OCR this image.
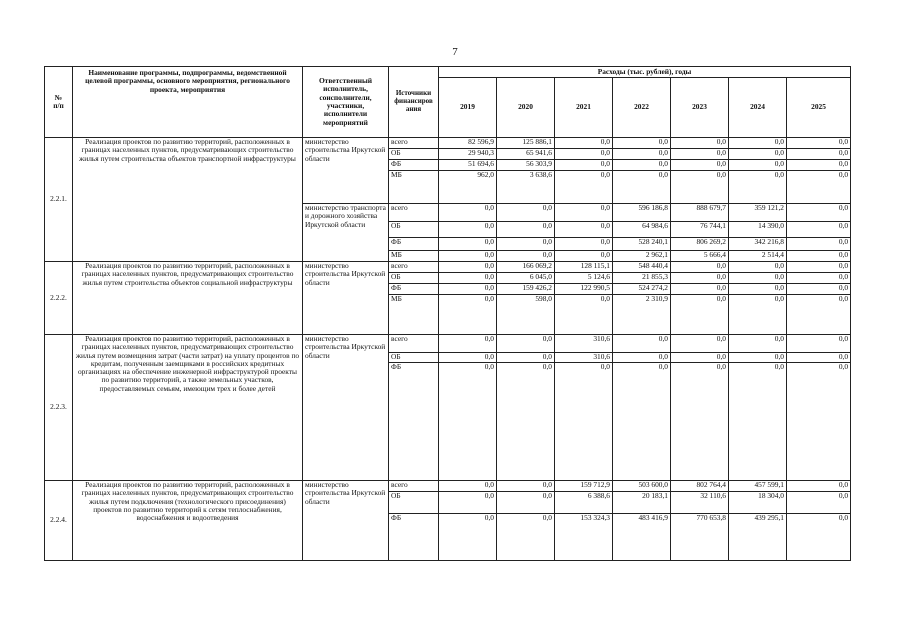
7
№
п/п	Наименование программы, подпрограммы, ведомственной целевой программы, основного мероприятия, регионального проекта, мероприятия	Ответственный исполнитель, соисполнители, участники, исполнители мероприятий	Источники финансиров ания	Расходы (тыс. рублей), годы						
				2019	2020	2021	2022	2023	2024	2025
2.2.1.	Реализация проектов по развитию территорий, расположенных в границах населенных пунктов, предусматривающих строительство жилья путем строительства объектов транспортной инфраструктуры	министерство строительства Иркутской области	всего	82 596,9	125 886,1	0,0	0,0	0,0	0,0	0,0
			ОБ	29 940,3	65 941,6	0,0	0,0	0,0	0,0	0,0
			ФБ	51 694,6	56 303,9	0,0	0,0	0,0	0,0	0,0
			МБ	962,0	3 638,6	0,0	0,0	0,0	0,0	0,0
		министерство транспорта и дорожного хозяйства Иркутской области	всего	0,0	0,0	0,0	596 186,8	888 679,7	359 121,2	0,0
			ОБ	0,0	0,0	0,0	64 984,6	76 744,1	14 390,0	0,0
			ФБ	0,0	0,0	0,0	528 240,1	806 269,2	342 216,8	0,0
			МБ	0,0	0,0	0,0	2 962,1	5 666,4	2 514,4	0,0
2.2.2.	Реализация проектов по развитию территорий, расположенных в границах населенных пунктов, предусматривающих строительство жилья путем строительства объектов социальной инфраструктуры	министерство строительства Иркутской области	всего	0,0	166 069,2	128 115,1	548 440,4	0,0	0,0	0,0
			ОБ	0,0	6 045,0	5 124,6	21 855,3	0,0	0,0	0,0
			ФБ	0,0	159 426,2	122 990,5	524 274,2	0,0	0,0	0,0
			МБ	0,0	598,0	0,0	2 310,9	0,0	0,0	0,0
2.2.3.	Реализация проектов по развитию территорий, расположенных в границах населенных пунктов, предусматривающих строительство жилья путем возмещения затрат (части затрат) на уплату процентов по кредитам, полученным заемщиками в российских кредитных организациях на обеспечение инженерной инфраструктурой проекты по развитию территорий, а также земельных участков, предоставляемых семьям, имеющим трех и более детей	министерство строительства Иркутской области	всего	0,0	0,0	310,6	0,0	0,0	0,0	0,0
			ОБ	0,0	0,0	310,6	0,0	0,0	0,0	0,0
			ФБ	0,0	0,0	0,0	0,0	0,0	0,0	0,0
2.2.4.	Реализация проектов по развитию территорий, расположенных в границах населенных пунктов, предусматривающих строительство жилья путем подключения (технологического присоединения) проектов по развитию территорий к сетям теплоснабжения, водоснабжения и водоотведения	министерство строительства Иркутской области	всего	0,0	0,0	159 712,9	503 600,0	802 764,4	457 599,1	0,0
			ОБ	0,0	0,0	6 388,6	20 183,1	32 110,6	18 304,0	0,0
			ФБ	0,0	0,0	153 324,3	483 416,9	770 653,8	439 295,1	0,0
